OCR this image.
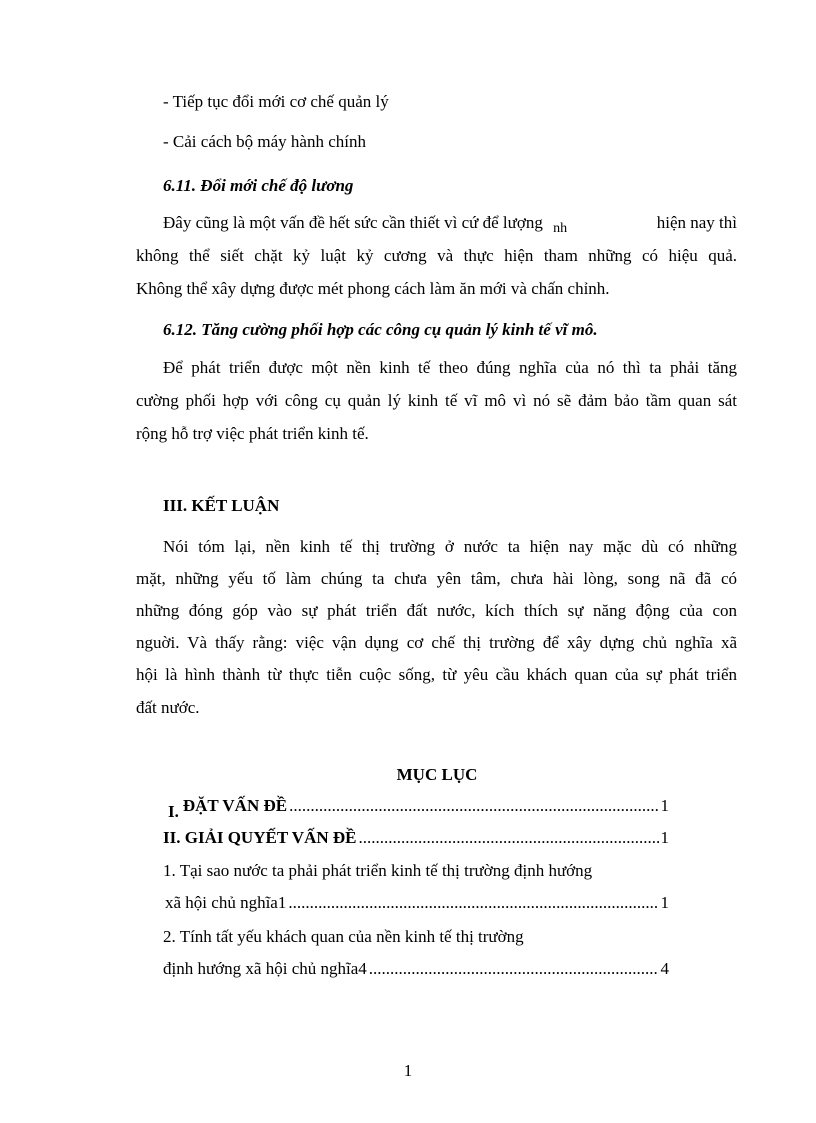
- Tiếp tục đổi mới cơ chế quản lý
- Cải cách bộ máy hành chính
6.11. Đổi mới chế độ lương
Đây cũng là một vấn đề hết sức cần thiết vì cứ để lượng $_{nh}$	hiện nay thì
không thể siết chặt kỷ luật kỷ cương và thực hiện tham những có hiệu quả.
Không thể xây dựng được mét phong cách làm ăn mới và chấn chỉnh.
6.12. Tăng cường phối hợp các công cụ quản lý kinh tế vĩ mô.
Để phát triển được một nền kinh tế theo đúng nghĩa của nó thì ta phải tăng
cường phối hợp với công cụ quản lý kinh tế vĩ mô vì nó sẽ đảm bảo tầm quan sát
rộng hỗ trợ việc phát triển kinh tế.
III. KẾT LUẬN
Nói tóm lại, nền kinh tế thị trường ở nước ta hiện nay mặc dù có những
mặt, những yếu tố làm chúng ta chưa yên tâm, chưa hài lòng, song nã đã có
những đóng góp vào sự phát triển đất nước, kích thích sự năng động của con
nguời. Và thấy rằng: việc vận dụng cơ chế thị trường để xây dựng chủ nghĩa xã
hội là hình thành từ thực tiễn cuộc sống, từ yêu cầu khách quan của sự phát triển
đất nước.
MỤC LỤC
I. ĐẶT VẤN ĐỀ .....	1
II. GIẢI QUYẾT VẤN ĐỀ .....	1
1. Tại sao nước ta phải phát triển kinh tế thị trường định hướng
xã hội chủ nghĩa1 .....	1
2. Tính tất yếu khách quan của nền kinh tế thị trường
định hướng xã hội chủ nghĩa4 .....	4
1
